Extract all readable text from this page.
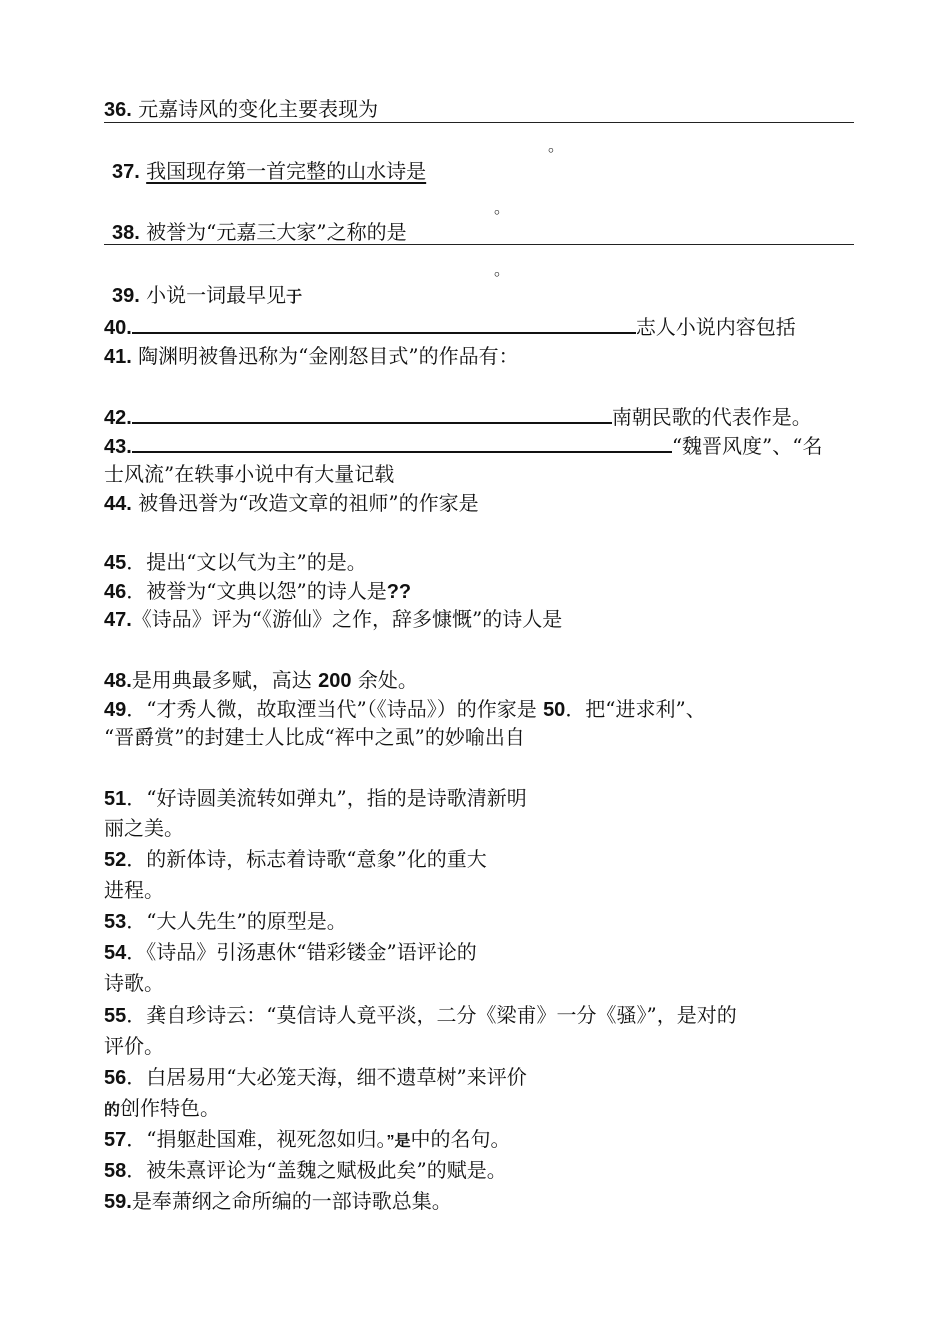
36. 元嘉诗风的变化主要表现为
。
37. 我国现存第一首完整的山水诗是
。
38. 被誉为“元嘉三大家”之称的是
。
39. 小说一词最早见于
40.	志人小说内容包括
41. 陶渊明被鲁迅称为“金刚怒目式”的作品有：
42.	南朝民歌的代表作是。
43.	“魏晋风度”、“名
士风流”在轶事小说中有大量记载
44. 被鲁迅誉为“改造文章的祖师”的作家是
45．提出“文以气为主”的是。
46．被誉为“文典以怨”的诗人是??
47.《诗品》评为“《游仙》之作，辞多慷慨”的诗人是
48.是用典最多赋，高达 200 余处。
49．“才秀人微，故取湮当代”（《诗品》）的作家是 50．把“进求利”、
“晋爵赏”的封建士人比成“裈中之虱”的妙喻出自
51．“好诗圆美流转如弹丸”，指的是诗歌清新明
丽之美。
52．的新体诗，标志着诗歌“意象”化的重大
进程。
53．“大人先生”的原型是。
54．《诗品》引汤惠休“错彩镂金”语评论的
诗歌。
55．龚自珍诗云：“莫信诗人竟平淡，二分《梁甫》一分《骚》”，是对的
评价。
56．白居易用“大必笼天海，细不遗草树”来评价
的创作特色。
57．“捐躯赴国难，视死忽如归。”是中的名句。
58．被朱熹评论为“盖魏之赋极此矣”的赋是。
59.是奉萧纲之命所编的一部诗歌总集。
